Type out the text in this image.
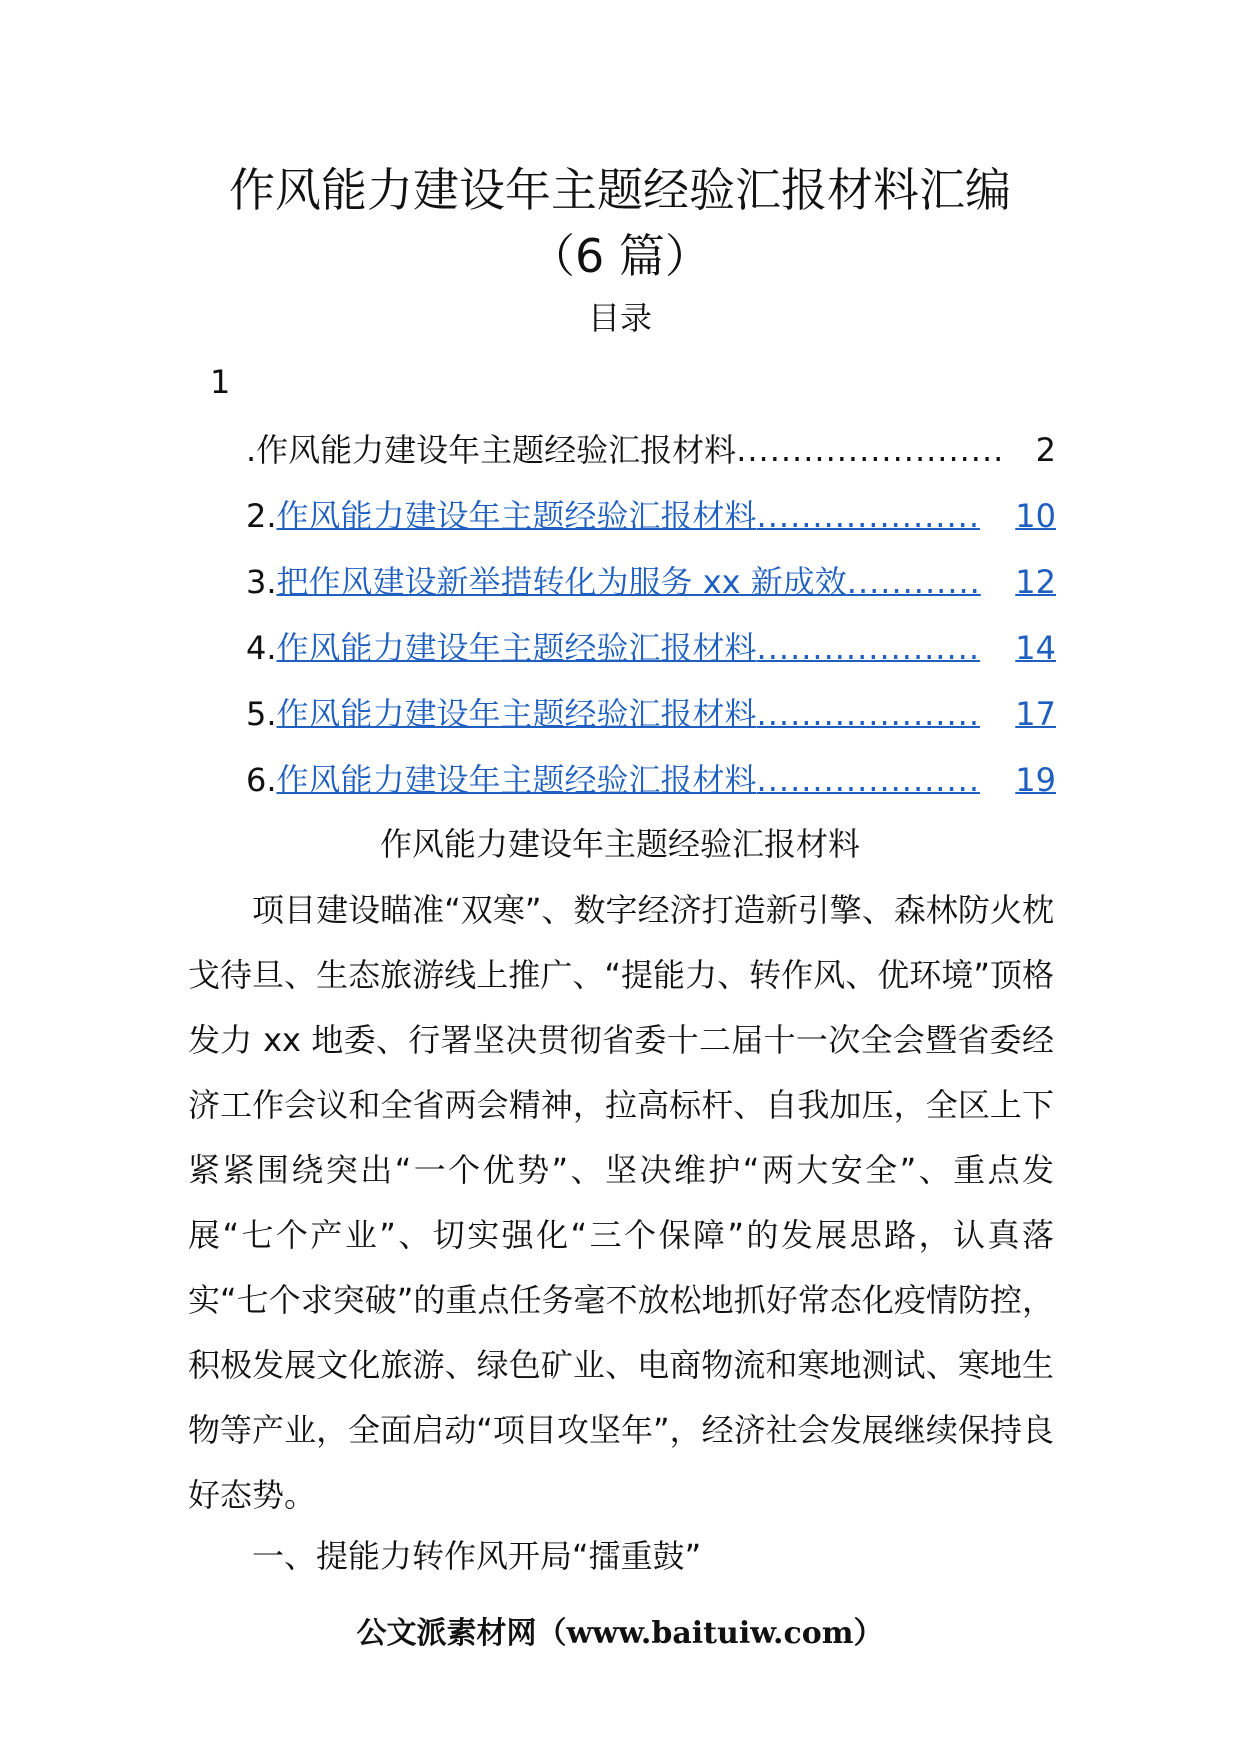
作风能力建设年主题经验汇报材料汇编
（6 篇）
目录
1
.作风能力建设年主题经验汇报材料 ........................ 2
2. 作风能力建设年主题经验汇报材料 ....................	10
3. 把作风建设新举措转化为服务 xx 新成效 ............	12
4. 作风能力建设年主题经验汇报材料 ....................	14
5. 作风能力建设年主题经验汇报材料 ....................	17
6. 作风能力建设年主题经验汇报材料 ....................	19
作风能力建设年主题经验汇报材料

项目建设瞄准“双寒”、数字经济打造新引擎、森林防火枕戈待旦、生态旅游线上推广、“提能力、转作风、优环境”顶格发力 xx 地委、行署坚决贯彻省委十二届十一次全会暨省委经济工作会议和全省两会精神，拉高标杆、自我加压，全区上下紧紧围绕突出“一个优势”、坚决维护“两大安全”、重点发展“七个产业”、切实强化“三个保障”的发展思路，认真落实“七个求突破”的重点任务毫不放松地抓好常态化疫情防控，积极发展文化旅游、绿色矿业、电商物流和寒地测试、寒地生物等产业，全面启动“项目攻坚年”，经济社会发展继续保持良好态势。

一、提能力转作风开局“擂重鼓”
公文派素材网（www.baituiw.com）
